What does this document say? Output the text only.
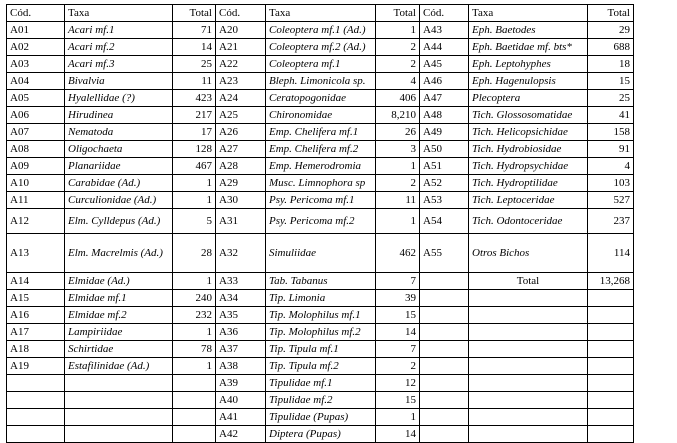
Cód.	Taxa	Total	Cód.	Taxa	Total	Cód.	Taxa	Total
A01	Acari mf.1	71	A20	Coleoptera mf.1 (Ad.)	1	A43	Eph. Baetodes	29
A02	Acari mf.2	14	A21	Coleoptera mf.2 (Ad.)	2	A44	Eph. Baetidae mf. bts*	688
A03	Acari mf.3	25	A22	Coleoptera mf.1	2	A45	Eph. Leptohyphes	18
A04	Bivalvia	11	A23	Bleph. Limonicola sp.	4	A46	Eph. Hagenulopsis	15
A05	Hyalellidae (?)	423	A24	Ceratopogonidae	406	A47	Plecoptera	25
A06	Hirudinea	217	A25	Chironomidae	8,210	A48	Tich. Glossosomatidae	41
A07	Nematoda	17	A26	Emp. Chelifera mf.1	26	A49	Tich. Helicopsichidae	158
A08	Oligochaeta	128	A27	Emp. Chelifera mf.2	3	A50	Tich. Hydrobiosidae	91
A09	Planariidae	467	A28	Emp. Hemerodromia	1	A51	Tich. Hydropsychidae	4
A10	Carabidae (Ad.)	1	A29	Musc. Limnophora sp	2	A52	Tich. Hydroptilidae	103
A11	Curculionidae (Ad.)	1	A30	Psy. Pericoma mf.1	11	A53	Tich. Leptoceridae	527
A12	Elm. Cylldepus (Ad.)	5	A31	Psy. Pericoma mf.2	1	A54	Tich. Odontoceridae	237
A13	Elm. Macrelmis (Ad.)	28	A32	Simuliidae	462	A55	Otros Bichos	114
A14	Elmidae (Ad.)	1	A33	Tab. Tabanus	7		Total	13,268
A15	Elmidae mf.1	240	A34	Tip. Limonia	39			
A16	Elmidae mf.2	232	A35	Tip. Molophilus mf.1	15			
A17	Lampiriidae	1	A36	Tip. Molophilus mf.2	14			
A18	Schirtidae	78	A37	Tip. Tipula mf.1	7			
A19	Estafilinidae (Ad.)	1	A38	Tip. Tipula mf.2	2			
			A39	Tipulidae mf.1	12			
			A40	Tipulidae mf.2	15			
			A41	Tipulidae (Pupas)	1			
			A42	Diptera (Pupas)	14			
